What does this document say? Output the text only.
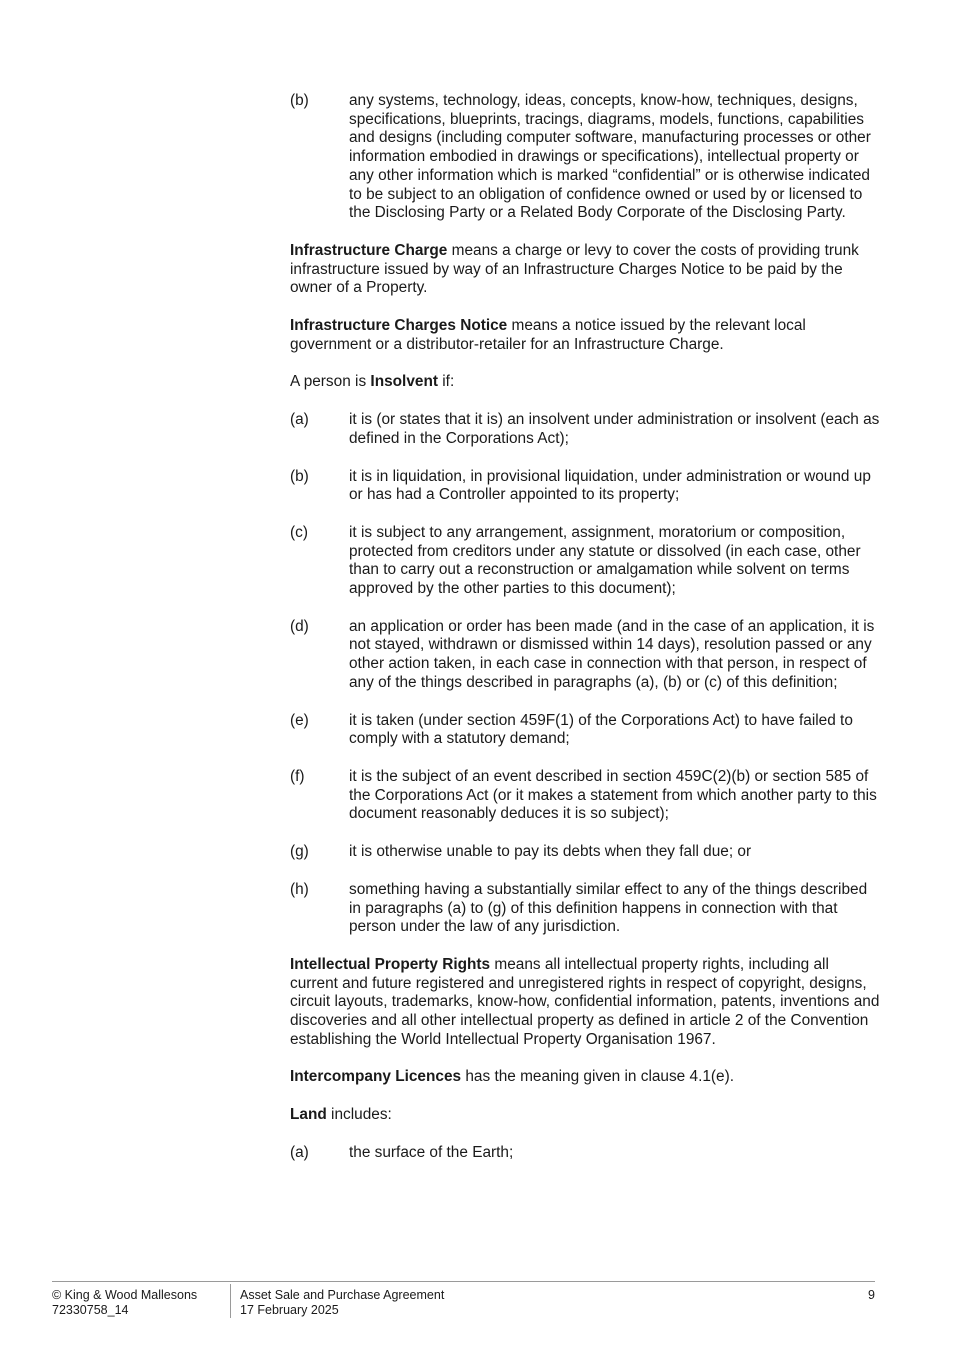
(b)	any systems, technology, ideas, concepts, know-how, techniques, designs, specifications, blueprints, tracings, diagrams, models, functions, capabilities and designs (including computer software, manufacturing processes or other information embodied in drawings or specifications), intellectual property or any other information which is marked “confidential” or is otherwise indicated to be subject to an obligation of confidence owned or used by or licensed to the Disclosing Party or a Related Body Corporate of the Disclosing Party.

Infrastructure Charge means a charge or levy to cover the costs of providing trunk infrastructure issued by way of an Infrastructure Charges Notice to be paid by the owner of a Property.

Infrastructure Charges Notice means a notice issued by the relevant local government or a distributor-retailer for an Infrastructure Charge.

A person is Insolvent if:

(a)	it is (or states that it is) an insolvent under administration or insolvent (each as defined in the Corporations Act);
(b)	it is in liquidation, in provisional liquidation, under administration or wound up or has had a Controller appointed to its property;
(c)	it is subject to any arrangement, assignment, moratorium or composition, protected from creditors under any statute or dissolved (in each case, other than to carry out a reconstruction or amalgamation while solvent on terms approved by the other parties to this document);
(d)	an application or order has been made (and in the case of an application, it is not stayed, withdrawn or dismissed within 14 days), resolution passed or any other action taken, in each case in connection with that person, in respect of any of the things described in paragraphs (a), (b) or (c) of this definition;
(e)	it is taken (under section 459F(1) of the Corporations Act) to have failed to comply with a statutory demand;
(f)	it is the subject of an event described in section 459C(2)(b) or section 585 of the Corporations Act (or it makes a statement from which another party to this document reasonably deduces it is so subject);
(g)	it is otherwise unable to pay its debts when they fall due; or
(h)	something having a substantially similar effect to any of the things described in paragraphs (a) to (g) of this definition happens in connection with that person under the law of any jurisdiction.

Intellectual Property Rights means all intellectual property rights, including all current and future registered and unregistered rights in respect of copyright, designs, circuit layouts, trademarks, know-how, confidential information, patents, inventions and discoveries and all other intellectual property as defined in article 2 of the Convention establishing the World Intellectual Property Organisation 1967.

Intercompany Licences has the meaning given in clause 4.1(e).

Land includes:

(a)	the surface of the Earth;
© King & Wood Mallesons
72330758_14
Asset Sale and Purchase Agreement
17 February 2025
9
